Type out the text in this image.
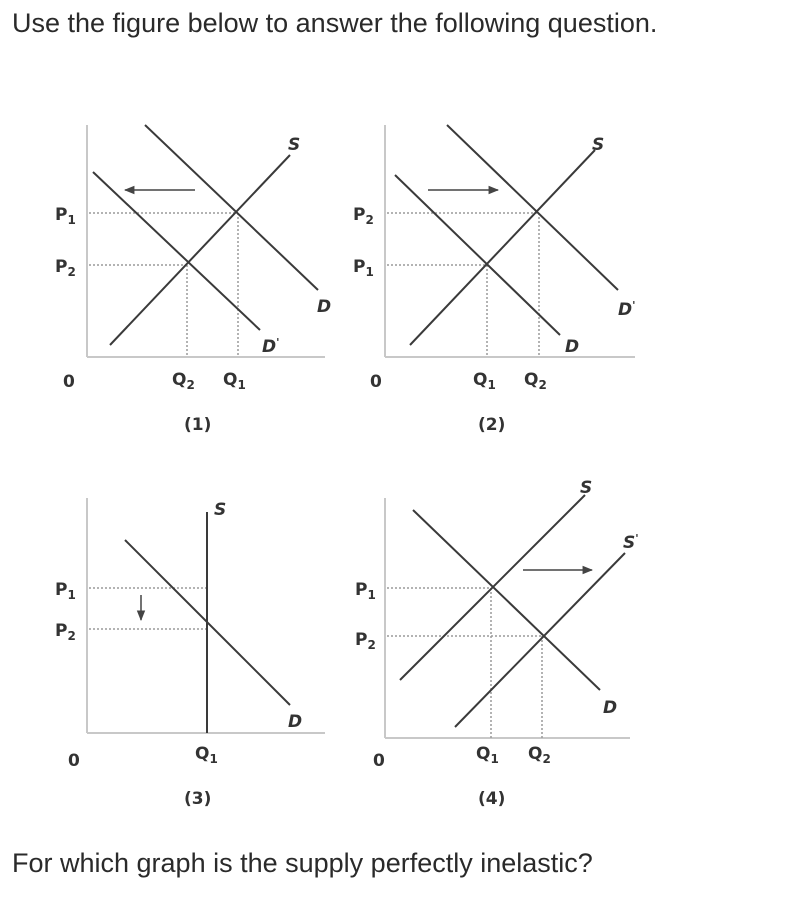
Use the figure below to answer the following question.
S
D
D'
$P_1$
$P_2$
0	$Q_2$ $Q_1$
(1)
S
D'
D
$P_2$
$P_1$
0	$Q_1$ $Q_2$
(2)
S
D
$P_1$
$P_2$
0	$Q_1$
(3)
S
S'
D
$P_1$
$P_2$
0	$Q_1$ $Q_2$
(4)
For which graph is the supply perfectly inelastic?
